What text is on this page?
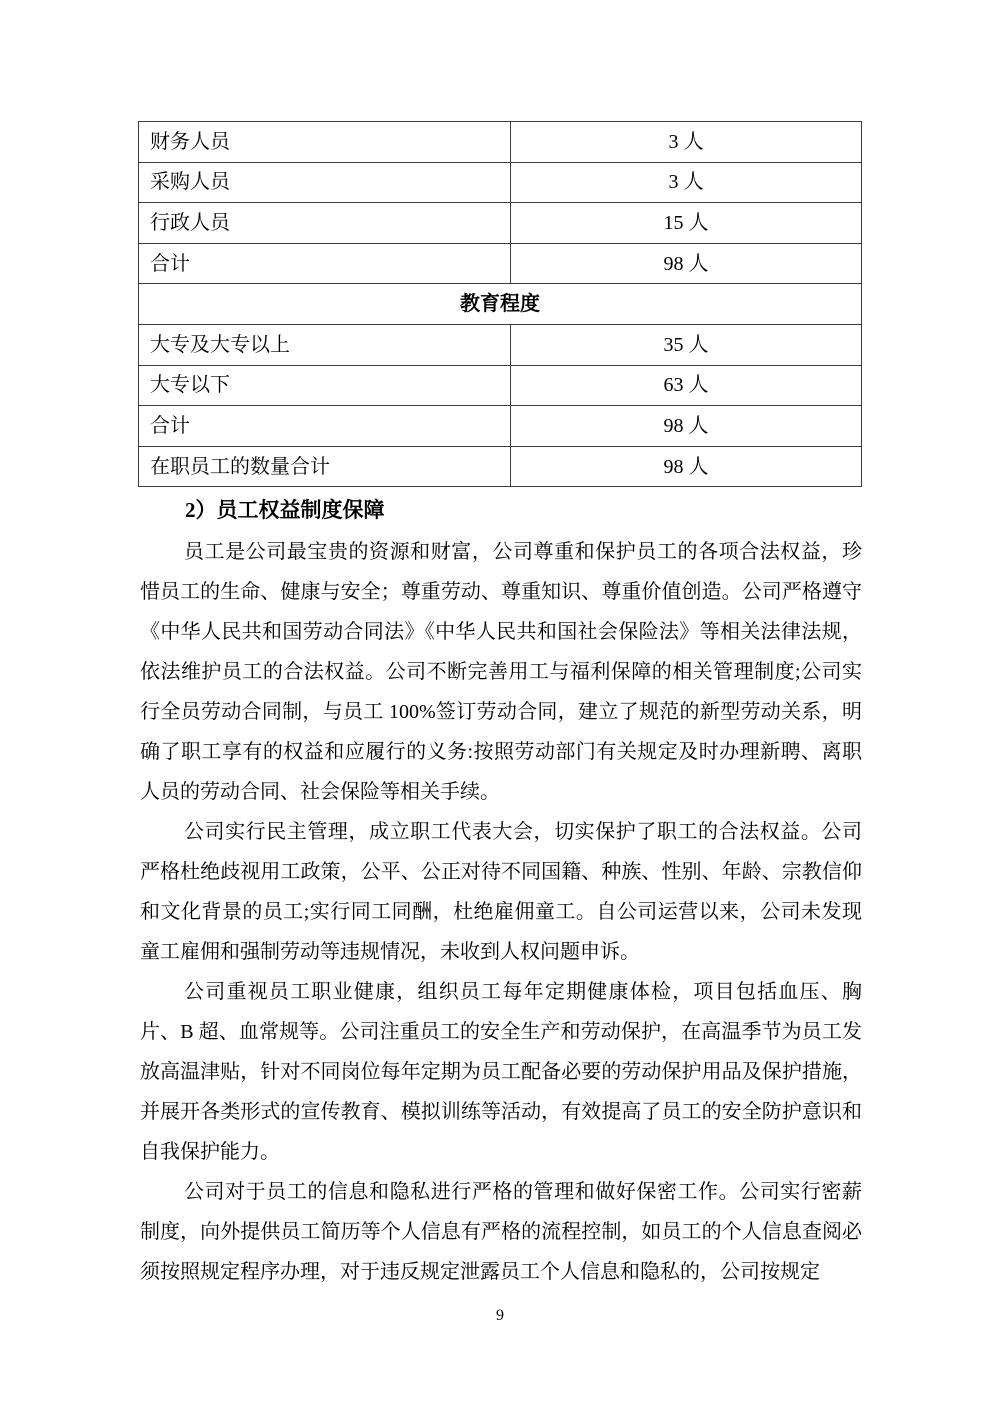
财务人员	3 人
采购人员	3 人
行政人员	15 人
合计	98 人
教育程度	
大专及大专以上	35 人
大专以下	63 人
合计	98 人
在职员工的数量合计	98 人
2）员工权益制度保障

员工是公司最宝贵的资源和财富，公司尊重和保护员工的各项合法权益，珍惜员工的生命、健康与安全；尊重劳动、尊重知识、尊重价值创造。公司严格遵守《中华人民共和国劳动合同法》《中华人民共和国社会保险法》等相关法律法规，依法维护员工的合法权益。公司不断完善用工与福利保障的相关管理制度;公司实行全员劳动合同制，与员工 100%签订劳动合同，建立了规范的新型劳动关系，明确了职工享有的权益和应履行的义务:按照劳动部门有关规定及时办理新聘、离职人员的劳动合同、社会保险等相关手续。

公司实行民主管理，成立职工代表大会，切实保护了职工的合法权益。公司严格杜绝歧视用工政策，公平、公正对待不同国籍、种族、性别、年龄、宗教信仰和文化背景的员工;实行同工同酬，杜绝雇佣童工。自公司运营以来，公司未发现童工雇佣和强制劳动等违规情况，未收到人权问题申诉。

公司重视员工职业健康，组织员工每年定期健康体检，项目包括血压、胸片、B 超、血常规等。公司注重员工的安全生产和劳动保护，在高温季节为员工发放高温津贴，针对不同岗位每年定期为员工配备必要的劳动保护用品及保护措施，并展开各类形式的宣传教育、模拟训练等活动，有效提高了员工的安全防护意识和自我保护能力。

公司对于员工的信息和隐私进行严格的管理和做好保密工作。公司实行密薪制度，向外提供员工简历等个人信息有严格的流程控制，如员工的个人信息查阅必须按照规定程序办理，对于违反规定泄露员工个人信息和隐私的，公司按规定

9
